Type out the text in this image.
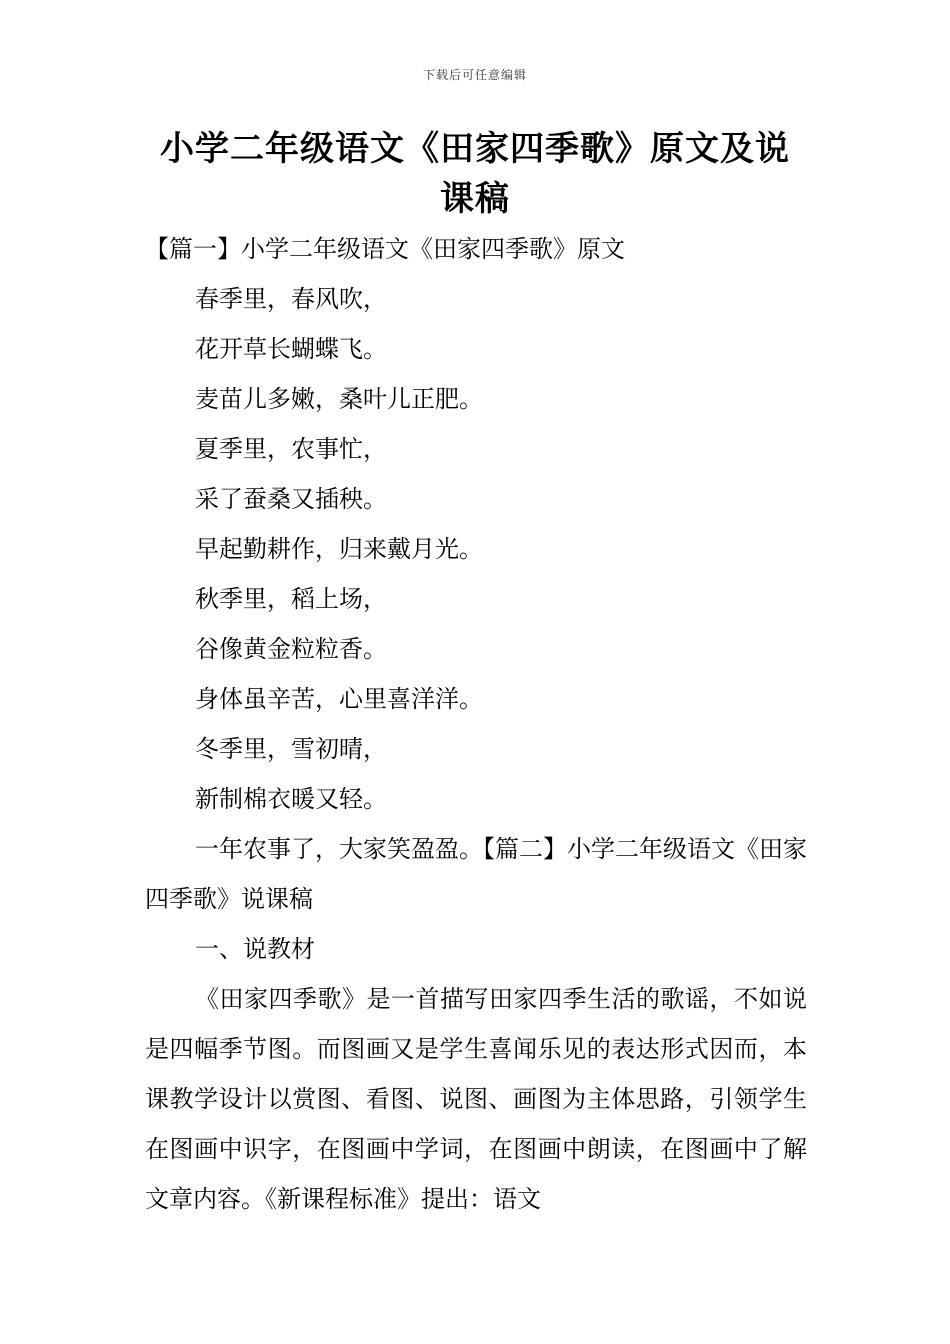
下载后可任意编辑
小学二年级语文《田家四季歌》原文及说课稿

【篇一】小学二年级语文《田家四季歌》原文

春季里，春风吹，

花开草长蝴蝶飞。

麦苗儿多嫩，桑叶儿正肥。

夏季里，农事忙，

采了蚕桑又插秧。

早起勤耕作，归来戴月光。

秋季里，稻上场，

谷像黄金粒粒香。

身体虽辛苦，心里喜洋洋。

冬季里，雪初晴，

新制棉衣暖又轻。

一年农事了，大家笑盈盈。【篇二】小学二年级语文《田家四季歌》说课稿

一、说教材

《田家四季歌》是一首描写田家四季生活的歌谣，不如说是四幅季节图。而图画又是学生喜闻乐见的表达形式因而，本课教学设计以赏图、看图、说图、画图为主体思路，引领学生在图画中识字，在图画中学词，在图画中朗读，在图画中了解文章内容。《新课程标准》提出：语文
